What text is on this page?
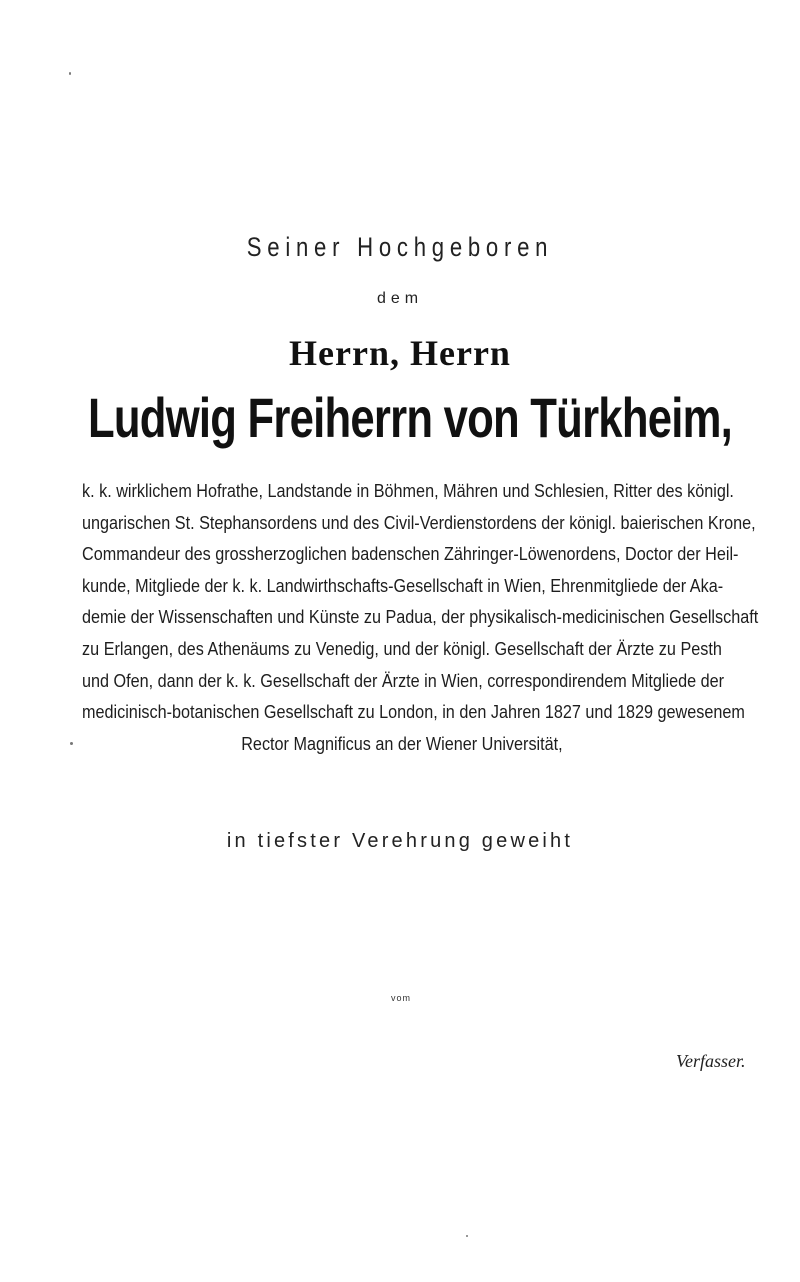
Seiner Hochgeboren
dem
Herrn, Herrn
Ludwig Freiherrn von Türkheim,
k. k. wirklichem Hofrathe, Landstande in Böhmen, Mähren und Schlesien, Ritter des königl.
ungarischen St. Stephansordens und des Civil-Verdienstordens der königl. baierischen Krone,
Commandeur des grossherzoglichen badenschen Zähringer-Löwenordens, Doctor der Heil-
kunde, Mitgliede der k. k. Landwirthschafts-Gesellschaft in Wien, Ehrenmitgliede der Aka-
demie der Wissenschaften und Künste zu Padua, der physikalisch-medicinischen Gesellschaft
zu Erlangen, des Athenäums zu Venedig, und der königl. Gesellschaft der Ärzte zu Pesth
und Ofen, dann der k. k. Gesellschaft der Ärzte in Wien, correspondirendem Mitgliede der
medicinisch-botanischen Gesellschaft zu London, in den Jahren 1827 und 1829 gewesenem
Rector Magnificus an der Wiener Universität,
in tiefster Verehrung geweiht
vom
Verfasser.
